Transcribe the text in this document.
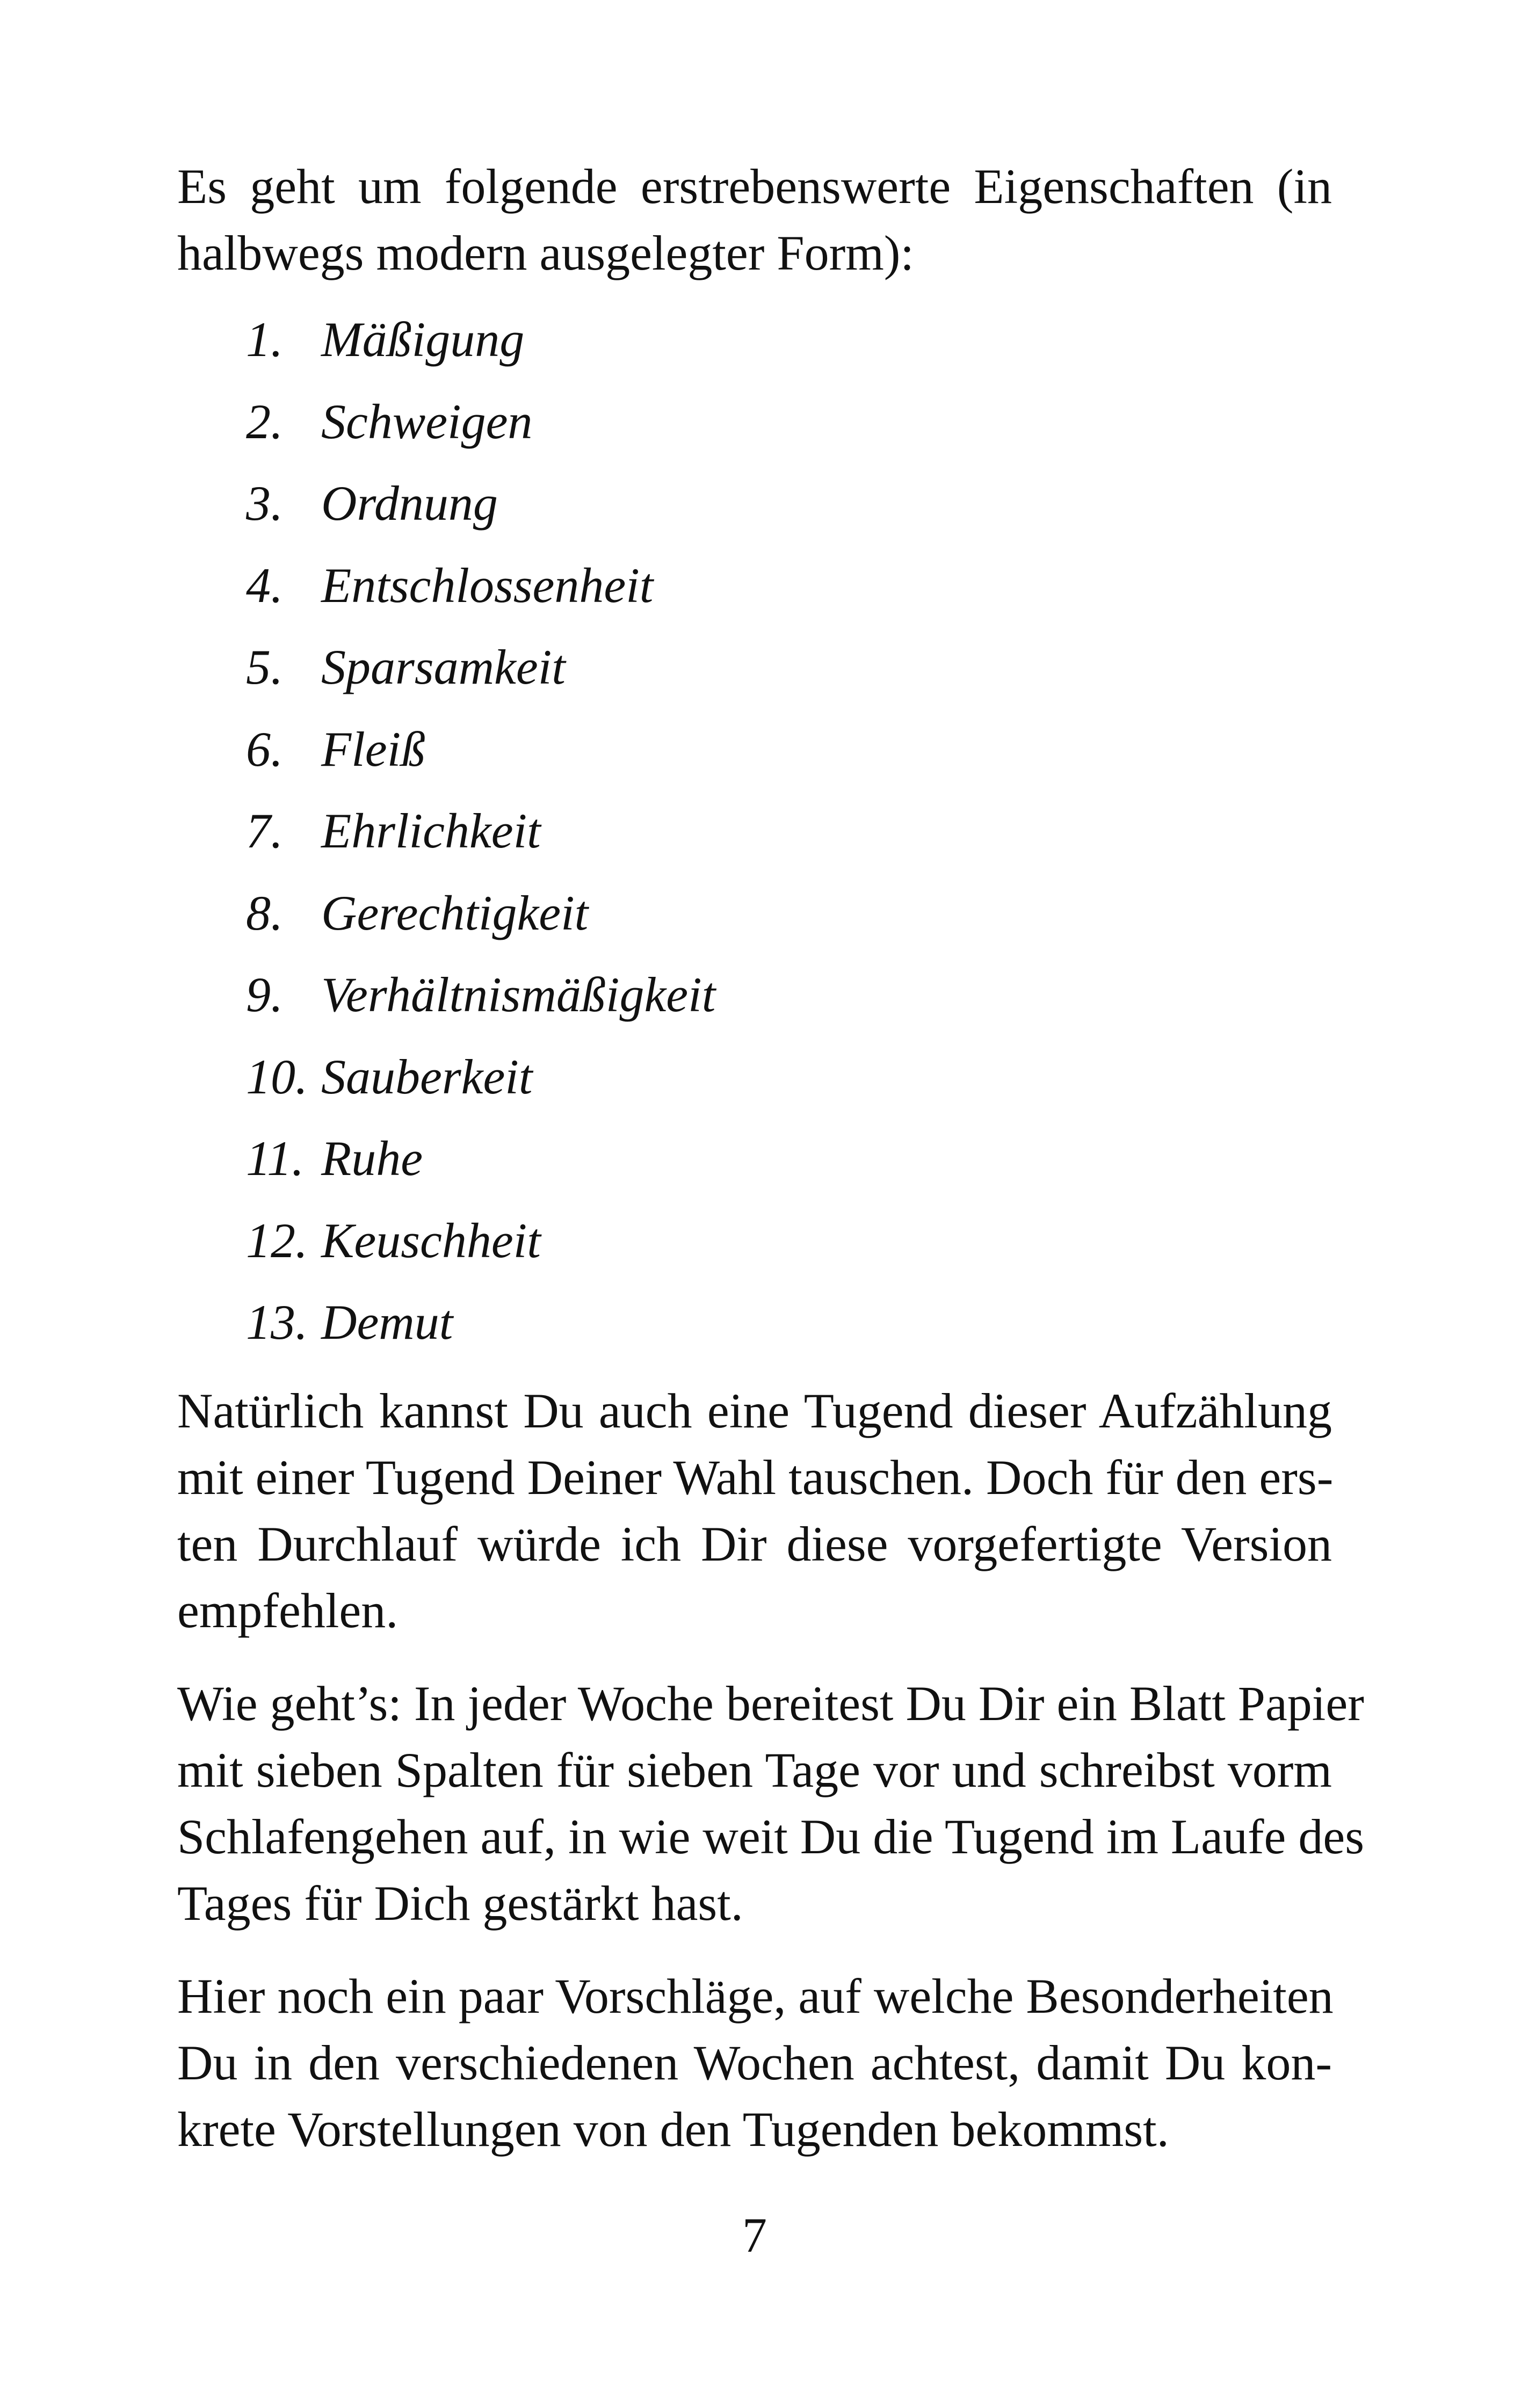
Es geht um folgende erstrebenswerte Eigenschaften (in
halbwegs modern ausgelegter Form):

1. Mäßigung
2. Schweigen
3. Ordnung
4. Entschlossenheit
5. Sparsamkeit
6. Fleiß
7. Ehrlichkeit
8. Gerechtigkeit
9. Verhältnismäßigkeit
10. Sauberkeit
11. Ruhe
12. Keuschheit
13. Demut

Natürlich kannst Du auch eine Tugend dieser Aufzählung
mit einer Tugend Deiner Wahl tauschen. Doch für den ers-
ten Durchlauf würde ich Dir diese vorgefertigte Version
empfehlen.

Wie geht’s: In jeder Woche bereitest Du Dir ein Blatt Papier
mit sieben Spalten für sieben Tage vor und schreibst vorm
Schlafengehen auf, in wie weit Du die Tugend im Laufe des
Tages für Dich gestärkt hast.

Hier noch ein paar Vorschläge, auf welche Besonderheiten
Du in den verschiedenen Wochen achtest, damit Du kon-
krete Vorstellungen von den Tugenden bekommst.

7
